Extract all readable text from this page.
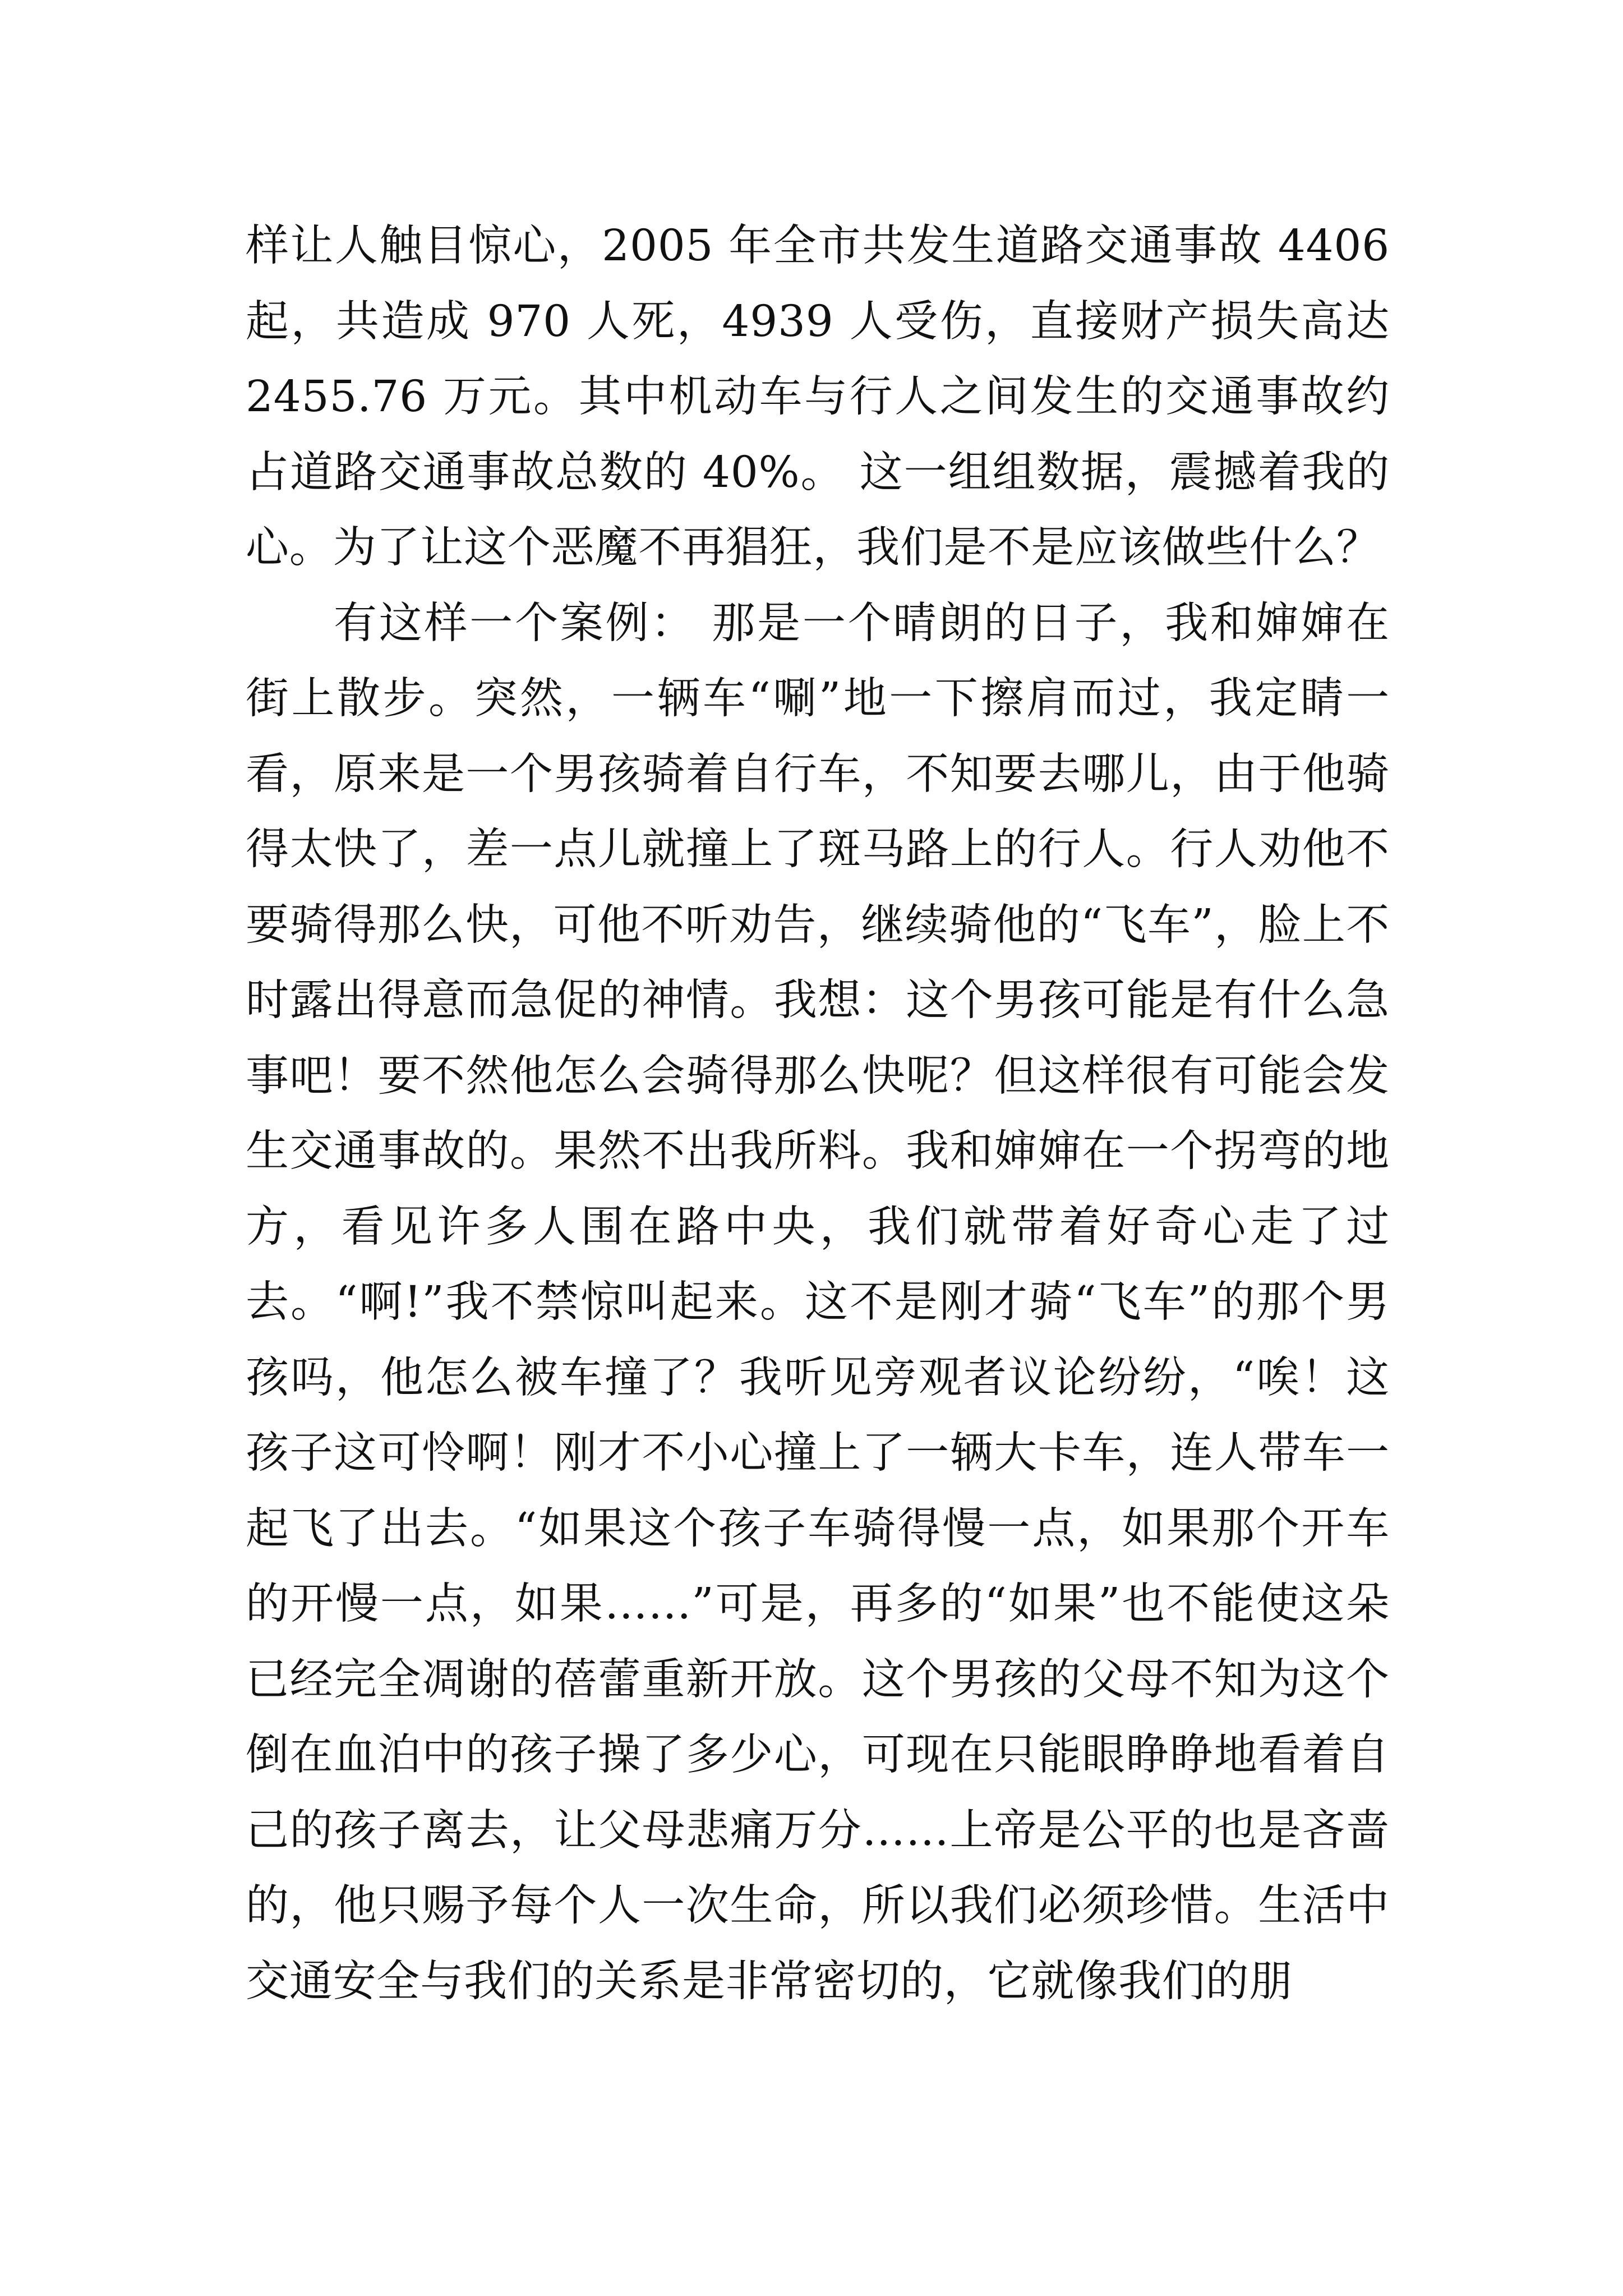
样让人触目惊心，2005 年全市共发生道路交通事故 4406 起，共造成 970 人死，4939 人受伤，直接财产损失高达 2455.76 万元。其中机动车与行人之间发生的交通事故约占道路交通事故总数的 40%。 这一组组数据，震撼着我的心。为了让这个恶魔不再猖狂，我们是不是应该做些什么？

有这样一个案例： 那是一个晴朗的日子，我和婶婶在街上散步。突然，一辆车“唰”地一下擦肩而过，我定睛一看，原来是一个男孩骑着自行车，不知要去哪儿，由于他骑得太快了，差一点儿就撞上了斑马路上的行人。行人劝他不要骑得那么快，可他不听劝告，继续骑他的“飞车”，脸上不时露出得意而急促的神情。我想：这个男孩可能是有什么急事吧！要不然他怎么会骑得那么快呢？但这样很有可能会发生交通事故的。果然不出我所料。我和婶婶在一个拐弯的地方，看见许多人围在路中央，我们就带着好奇心走了过去。“啊!”我不禁惊叫起来。这不是刚才骑“飞车”的那个男孩吗，他怎么被车撞了？我听见旁观者议论纷纷，“唉！这孩子这可怜啊！刚才不小心撞上了一辆大卡车，连人带车一起飞了出去。“如果这个孩子车骑得慢一点，如果那个开车的开慢一点，如果……”可是，再多的“如果”也不能使这朵已经完全凋谢的蓓蕾重新开放。这个男孩的父母不知为这个倒在血泊中的孩子操了多少心，可现在只能眼睁睁地看着自己的孩子离去，让父母悲痛万分……上帝是公平的也是吝啬的，他只赐予每个人一次生命，所以我们必须珍惜。生活中交通安全与我们的关系是非常密切的，它就像我们的朋
